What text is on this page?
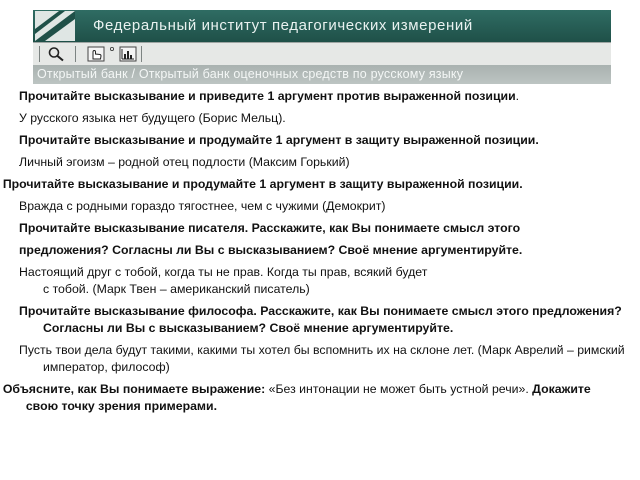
Федеральный институт педагогических измерений
Открытый банк / Открытый банк оценочных средств по русскому языку

Прочитайте высказывание и приведите 1 аргумент против выраженной позиции.

У русского языка нет будущего (Борис Мельц).

Прочитайте высказывание и продумайте 1 аргумент в защиту выраженной позиции.

Личный эгоизм – родной отец подлости (Максим Горький)

Прочитайте высказывание и продумайте 1 аргумент в защиту выраженной позиции.

Вражда с родными гораздо тягостнее, чем с чужими (Демокрит)

Прочитайте высказывание писателя. Расскажите, как Вы понимаете смысл этого

предложения? Согласны ли Вы с высказыванием? Своё мнение аргументируйте.

Настоящий друг с тобой, когда ты не прав. Когда ты прав, всякий будет
с тобой. (Марк Твен – американский писатель)

Прочитайте высказывание философа. Расскажите, как Вы понимаете смысл этого предложения? Согласны ли Вы с высказыванием? Своё мнение аргументируйте.

Пусть твои дела будут такими, какими ты хотел бы вспомнить их на склоне лет. (Марк Аврелий – римский император, философ)

Объясните, как Вы понимаете выражение: «Без интонации не может быть устной речи». Докажите свою точку зрения примерами.
